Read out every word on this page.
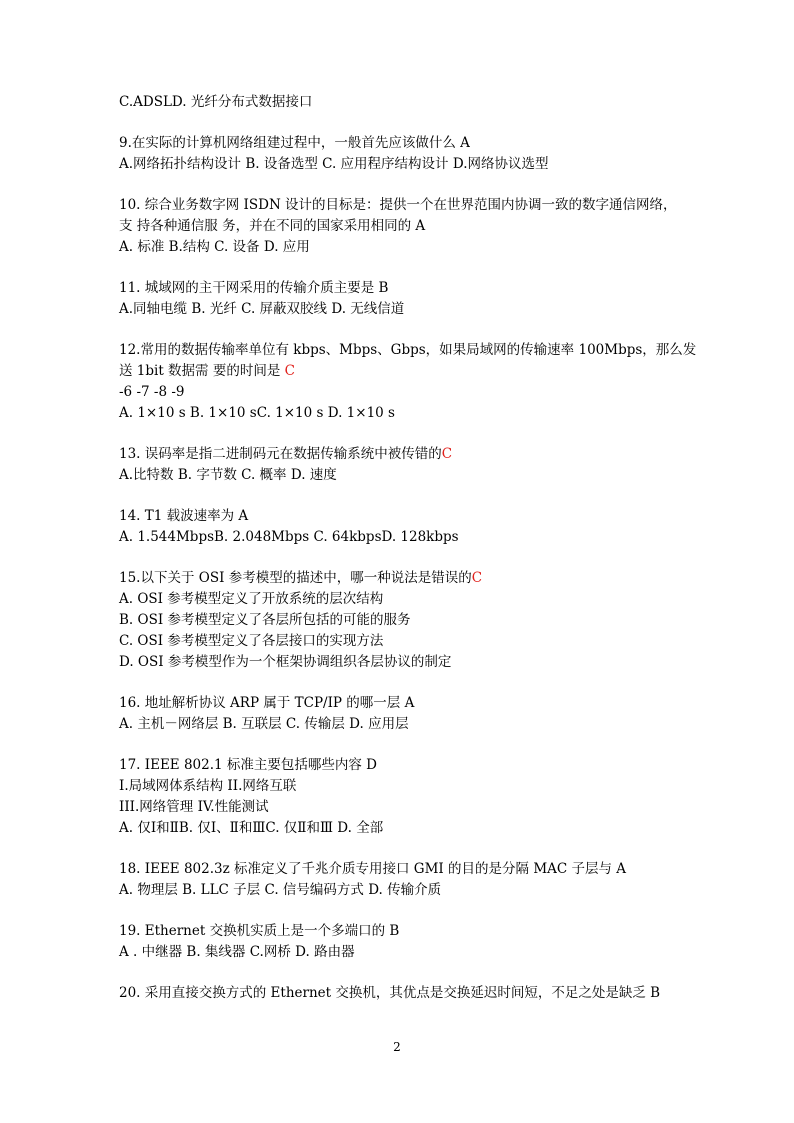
C.ADSLD. 光纤分布式数据接口
9.在实际的计算机网络组建过程中，一般首先应该做什么 A
A.网络拓扑结构设计 B. 设备选型 C. 应用程序结构设计 D.网络协议选型
10. 综合业务数字网 ISDN 设计的目标是：提供一个在世界范围内协调一致的数字通信网络，
支 持各种通信服 务，并在不同的国家采用相同的 A
A. 标准 B.结构 C. 设备 D. 应用
11. 城域网的主干网采用的传输介质主要是 B
A.同轴电缆 B. 光纤 C. 屏蔽双胶线 D. 无线信道
12.常用的数据传输率单位有 kbps、Mbps、Gbps，如果局域网的传输速率 100Mbps，那么发
送 1bit 数据需 要的时间是 C
-6 -7 -8 -9
A. 1×10 s B. 1×10 sC. 1×10 s D. 1×10 s
13. 误码率是指二进制码元在数据传输系统中被传错的C
A.比特数 B. 字节数 C. 概率 D. 速度
14. T1 载波速率为 A
A. 1.544MbpsB. 2.048Mbps C. 64kbpsD. 128kbps
15.以下关于 OSI 参考模型的描述中，哪一种说法是错误的C
A. OSI 参考模型定义了开放系统的层次结构
B. OSI 参考模型定义了各层所包括的可能的服务
C. OSI 参考模型定义了各层接口的实现方法
D. OSI 参考模型作为一个框架协调组织各层协议的制定
16. 地址解析协议 ARP 属于 TCP/IP 的哪一层 A
A. 主机－网络层 B. 互联层 C. 传输层 D. 应用层
17. IEEE 802.1 标准主要包括哪些内容 D
I.局域网体系结构 II.网络互联
III.网络管理 IV.性能测试
A. 仅Ⅰ和ⅡB. 仅Ⅰ、Ⅱ和ⅢC. 仅Ⅱ和Ⅲ D. 全部
18. IEEE 802.3z 标准定义了千兆介质专用接口 GMI 的目的是分隔 MAC 子层与 A
A. 物理层 B. LLC 子层 C. 信号编码方式 D. 传输介质
19. Ethernet 交换机实质上是一个多端口的 B
A . 中继器 B. 集线器 C.网桥 D. 路由器
20. 采用直接交换方式的 Ethernet 交换机，其优点是交换延迟时间短，不足之处是缺乏 B
2
